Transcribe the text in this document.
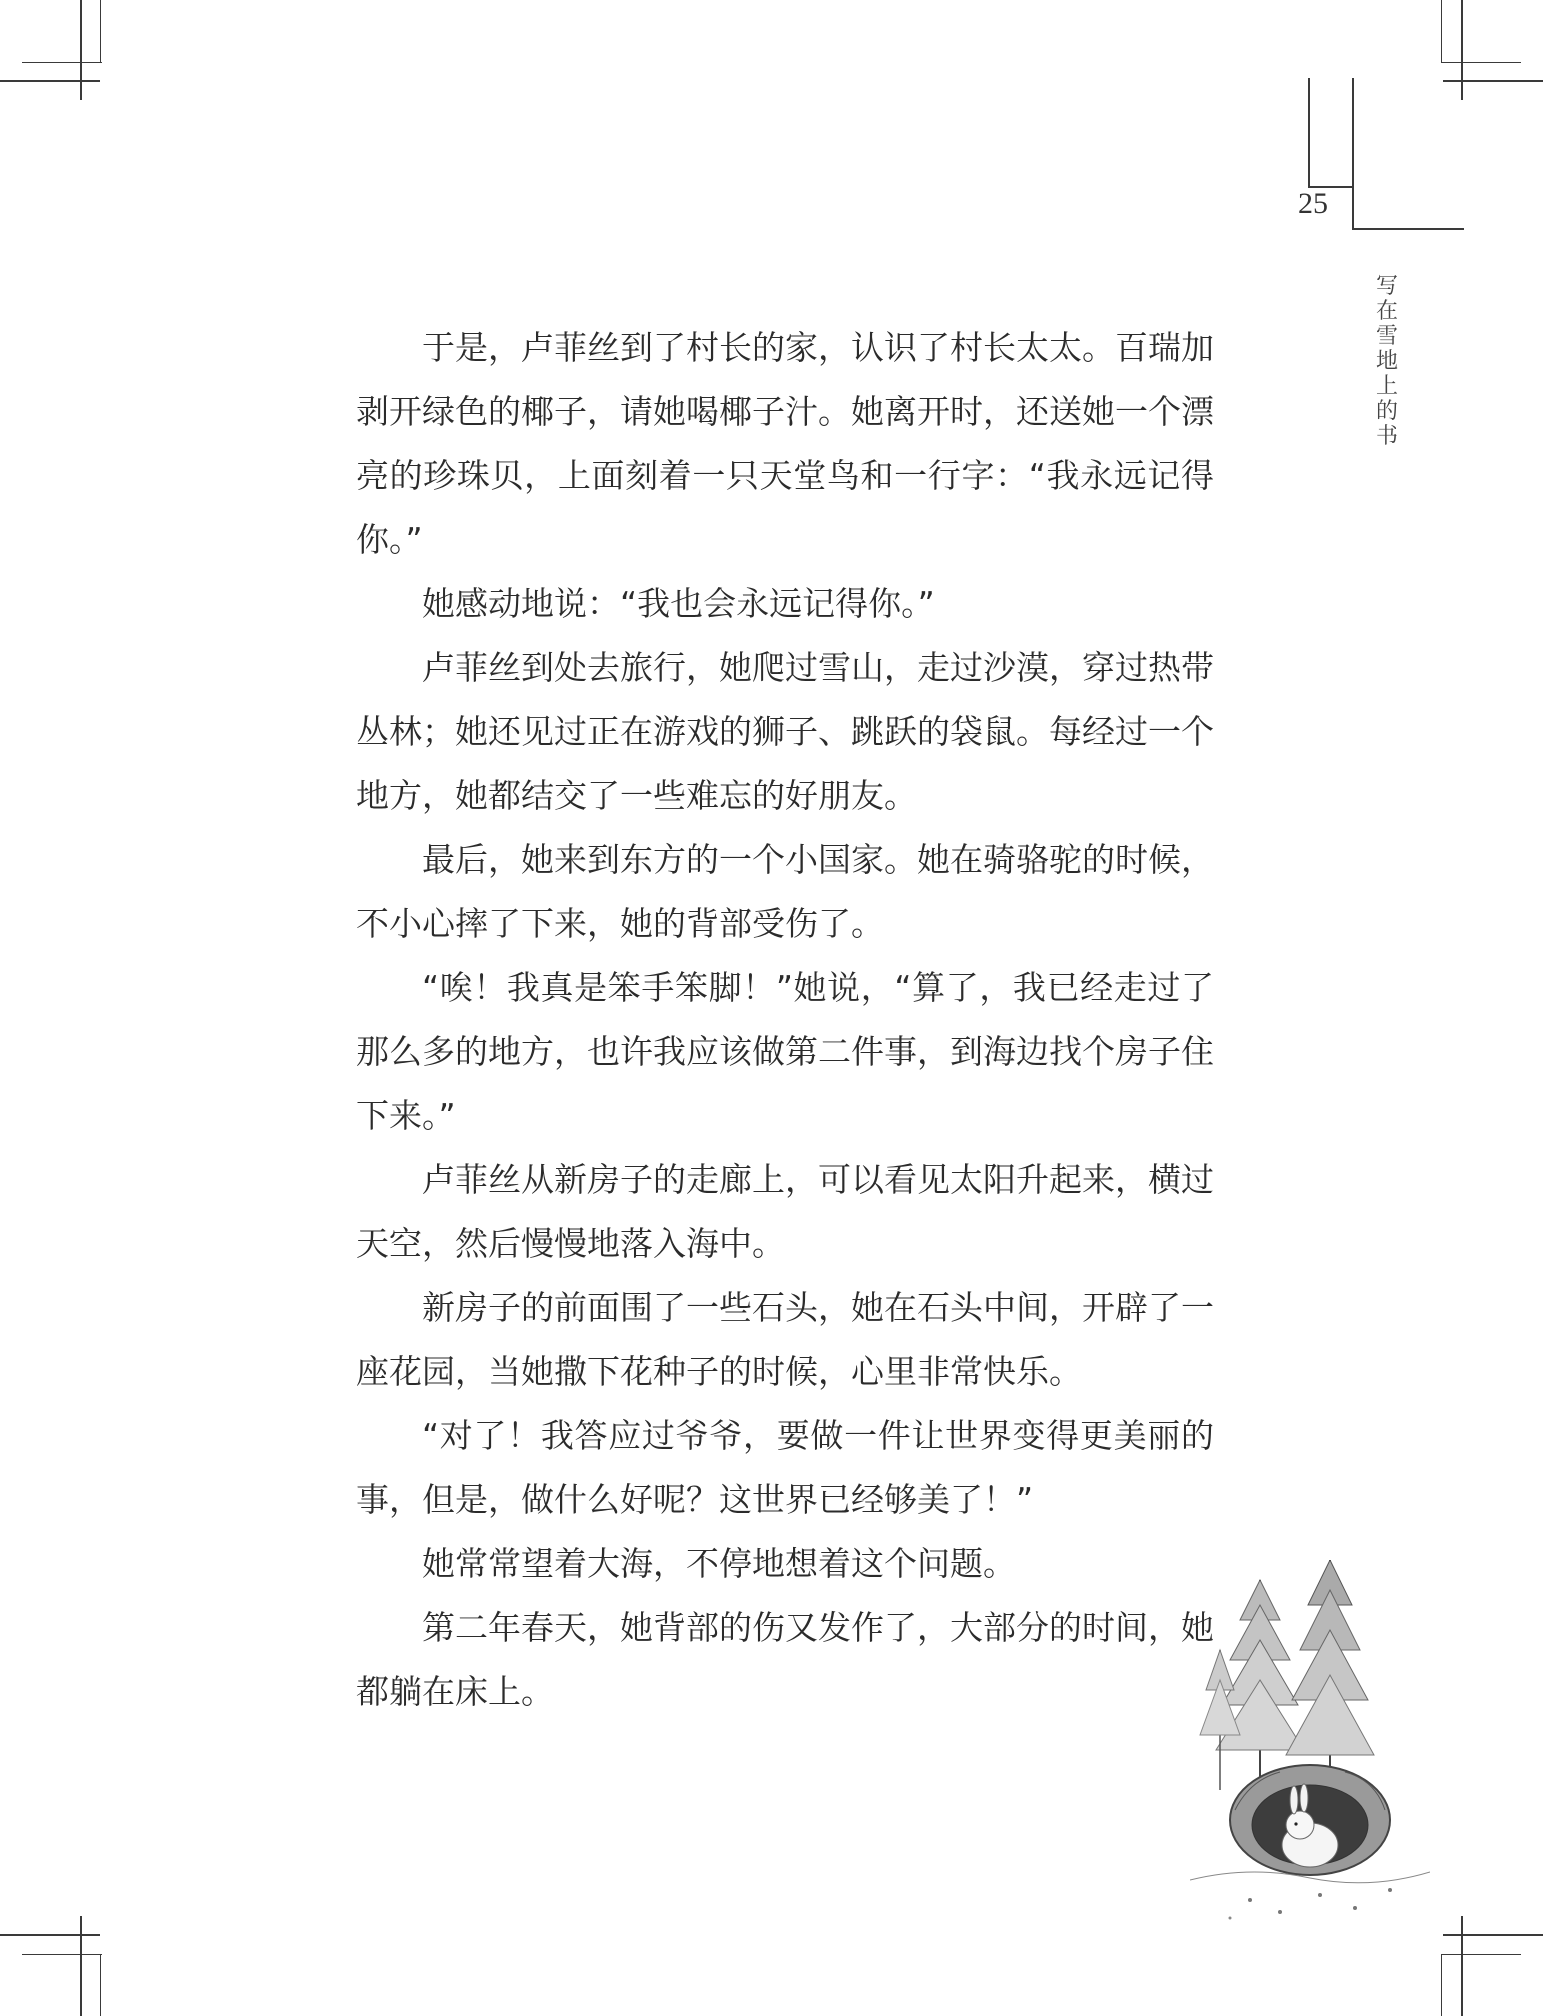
25
写在雪地上的书

于是，卢菲丝到了村长的家，认识了村长太太。百瑞加剥开绿色的椰子，请她喝椰子汁。她离开时，还送她一个漂亮的珍珠贝，上面刻着一只天堂鸟和一行字：“我永远记得你。”

她感动地说：“我也会永远记得你。”

卢菲丝到处去旅行，她爬过雪山，走过沙漠，穿过热带丛林；她还见过正在游戏的狮子、跳跃的袋鼠。每经过一个地方，她都结交了一些难忘的好朋友。

最后，她来到东方的一个小国家。她在骑骆驼的时候，不小心摔了下来，她的背部受伤了。

“唉！我真是笨手笨脚！”她说，“算了，我已经走过了那么多的地方，也许我应该做第二件事，到海边找个房子住下来。”

卢菲丝从新房子的走廊上，可以看见太阳升起来，横过天空，然后慢慢地落入海中。

新房子的前面围了一些石头，她在石头中间，开辟了一座花园，当她撒下花种子的时候，心里非常快乐。

“对了！我答应过爷爷，要做一件让世界变得更美丽的事，但是，做什么好呢？这世界已经够美了！”

她常常望着大海，不停地想着这个问题。

第二年春天，她背部的伤又发作了，大部分的时间，她都躺在床上。
